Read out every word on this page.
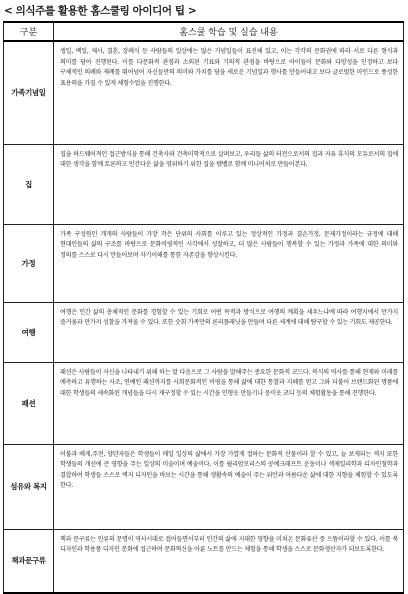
< 의식주를 활용한 홈스쿨링 아이디어 팁 >
구분	홈스쿨 학습 및 실습 내용
가족기념일	생일, 백일, 제사, 결혼, 장례식 등 사람들의 일상에는 많은 기념일들이 표진해 있고, 이는 각각의 문화권에 따라 서로 다른 형식과 의미를 담아 진행된다. 이를 다문화적 관점과 소외된 기표와 기의적 관점을 바탕으로 아이들이 문화와 다양성을 인정하고 보다 구체적인 의례와 제례를 뛰어넘어 자신들만의 의미와 가치를 담을 새로운 기념일과 행사를 만들어내고 보다 글로벌한 마인드로 풍성한 표용력을 가질 수 있게 체험수업을 진행한다.
집	집을 하드웨어적인 접근방식을 통해 건축사와 건축미학적으로 살펴보고, 우리들 삶의 터전으로서의 집과 자유 휴식의 모듀로서의 집에 대한 생각을 함께 토론하고 인간다운 삶을 영위하기 위한 집을 템벨로 함께 미니어처로 만들어본다.
가정	가족 구성원인 개개의 사람들이 가장 작은 단위의 사회를 이루고 있는 정상적인 가정과 결손가정, 문제가정이라는 규정에 대해 현대인들의 삶의 구조를 바탕으로 문화비평적인 시각에서 성찰하고, 더 많은 사람들이 행복할 수 있는 가정과 가족에 대한 의미와 정의를 스스로 다시 만들어보며 자기이해를 통한 자존감을 향상시킨다.
여행	여행은 인간 삶의 총체적인 문화를 경험할 수 있는 기회로 어떤 목적과 방식으로 여행의 계획을 세우느냐에 따라 여행지에서 만가지 즐거움과 만가지 성찰을 가져올 수 있다. 또한 숫회 가족만의 론리플래닛을 만들며 다른 세계에 대해 탐구할 수 있는 기회도 제공한다.
패션	패션은 사람들이 자신을 나타내기 위해 하는 말 다음으로 그 사람을 말해주는 중요한 문화적 코드다. 복식의 역사를 통해 현재와 미래를 예측하고 유행하는 사조, 연예인 패션까지를 사회문화적인 비평을 통해 삶에 대한 통찰과 지혜를 얻고 그와 더불어 브랜드화된 명품에 대한 학생들의 세속화된 개념들을 다시 재구정할 수 있는 시간을 인형옷 만들기나 뭉이옷 코디 등의 체험활동을 통해 진행한다.
섬유와 복지	이불과 베게,주전, 양탄자들은 학생들이 매일 일상의 삶에서 가장 가깝게 접하는 문화적 산물이라 할 수 있고, 늘 보게되는 색지 또한 학생들의 개선에 큰 영향을 주는 일상의 미술이며 예술이다. 이를 윌리암모리스의 공예크래프트 운동이나 섹제일리학과 디자인철학과 결합하여 학생들 스스로 벽지 디자인을 바보는 시간을 통해 생활속의 예술이 주는 위안과 아름다운 삶에 대한 지향을 체험할 수 있도록 한다.
책과문구류	책과 문구류는 인류의 문명이 역사시대로 접어들면서부터 인간의 삶에 지대한 영향을 미쳐온 문화유산 중 으뜸이라할 수 있다. 이를 북 디자인과 학용품 디자인 문화에 접근하여 문화혁신을 아룬 노트를 만드는 체험을 통해 학생을 스스로 문화생산자가 되보도록한다.
